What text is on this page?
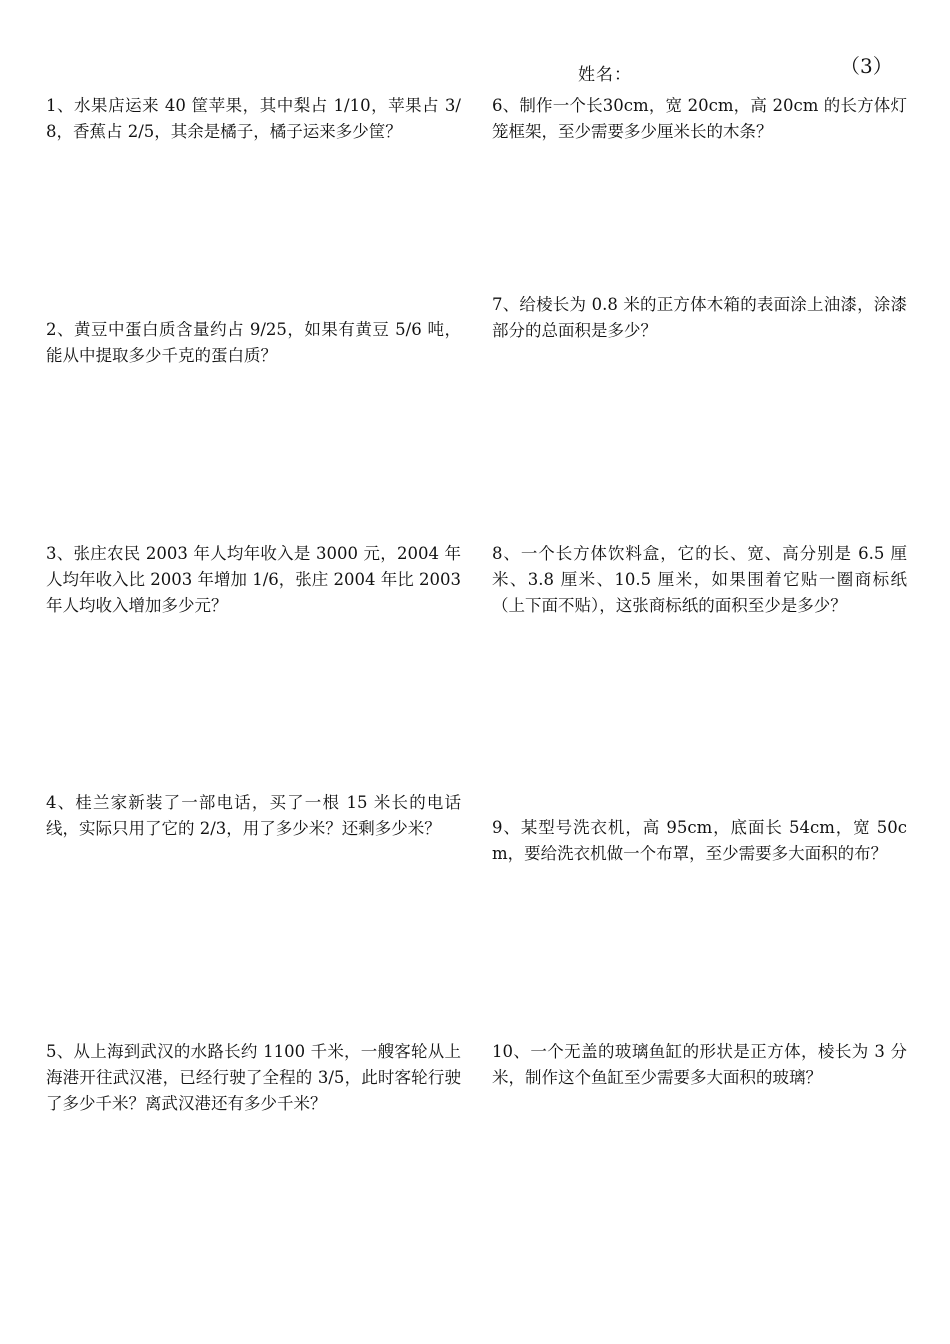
姓名：	（3）
1、水果店运来 40 筐苹果，其中梨占 1/10，苹果占 3/8，香蕉占 2/5，其余是橘子，橘子运来多少筐？
2、黄豆中蛋白质含量约占 9/25，如果有黄豆 5/6 吨，能从中提取多少千克的蛋白质？
3、张庄农民 2003 年人均年收入是 3000 元，2004 年人均年收入比 2003 年增加 1/6，张庄 2004 年比 2003 年人均收入增加多少元？
4、桂兰家新装了一部电话，买了一根 15 米长的电话线，实际只用了它的 2/3，用了多少米？还剩多少米？
5、从上海到武汉的水路长约 1100 千米，一艘客轮从上海港开往武汉港，已经行驶了全程的 3/5，此时客轮行驶了多少千米？离武汉港还有多少千米？
6、制作一个长30cm，宽 20cm，高 20cm 的长方体灯笼框架，至少需要多少厘米长的木条？
7、给棱长为 0.8 米的正方体木箱的表面涂上油漆，涂漆部分的总面积是多少？
8、一个长方体饮料盒，它的长、宽、高分别是 6.5 厘米、3.8 厘米、10.5 厘米，如果围着它贴一圈商标纸（上下面不贴），这张商标纸的面积至少是多少？
9、某型号洗衣机，高 95cm，底面长 54cm，宽 50cm，要给洗衣机做一个布罩，至少需要多大面积的布？
10、一个无盖的玻璃鱼缸的形状是正方体，棱长为 3 分米，制作这个鱼缸至少需要多大面积的玻璃？
